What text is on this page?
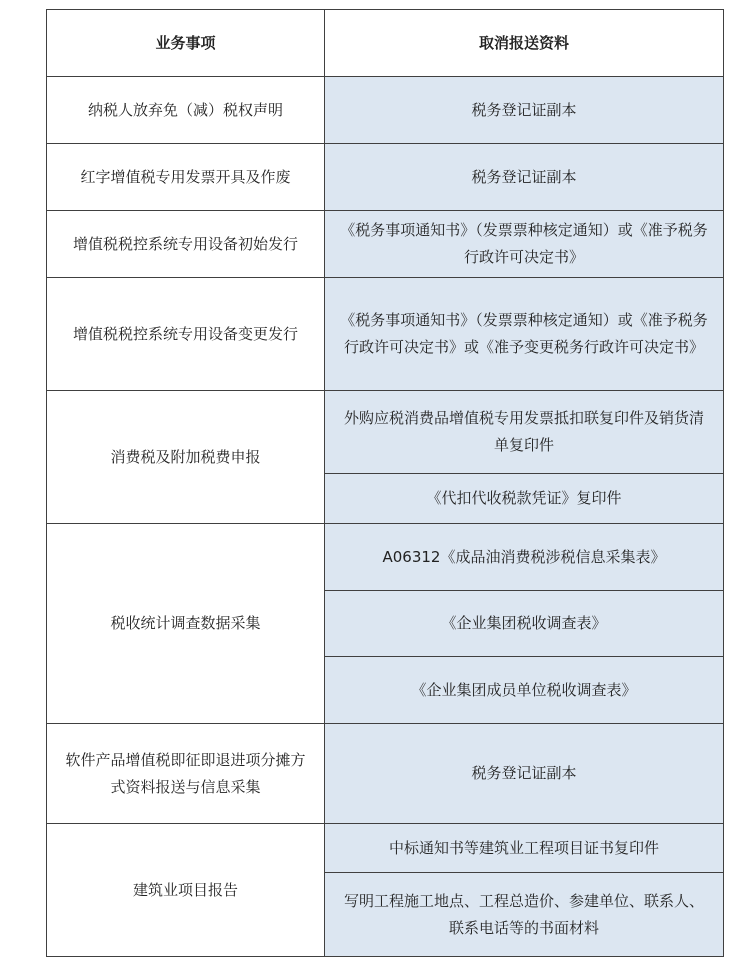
业务事项	取消报送资料
纳税人放弃免（减）税权声明	税务登记证副本
红字增值税专用发票开具及作废	税务登记证副本
增值税税控系统专用设备初始发行	《税务事项通知书》（发票票种核定通知）或《准予税务行政许可决定书》
增值税税控系统专用设备变更发行	《税务事项通知书》（发票票种核定通知）或《准予税务行政许可决定书》或《准予变更税务行政许可决定书》
消费税及附加税费申报	外购应税消费品增值税专用发票抵扣联复印件及销货清单复印件
	《代扣代收税款凭证》复印件
税收统计调查数据采集	A06312《成品油消费税涉税信息采集表》
	《企业集团税收调查表》
	《企业集团成员单位税收调查表》
软件产品增值税即征即退进项分摊方式资料报送与信息采集	税务登记证副本
建筑业项目报告	中标通知书等建筑业工程项目证书复印件
	写明工程施工地点、工程总造价、参建单位、联系人、联系电话等的书面材料
